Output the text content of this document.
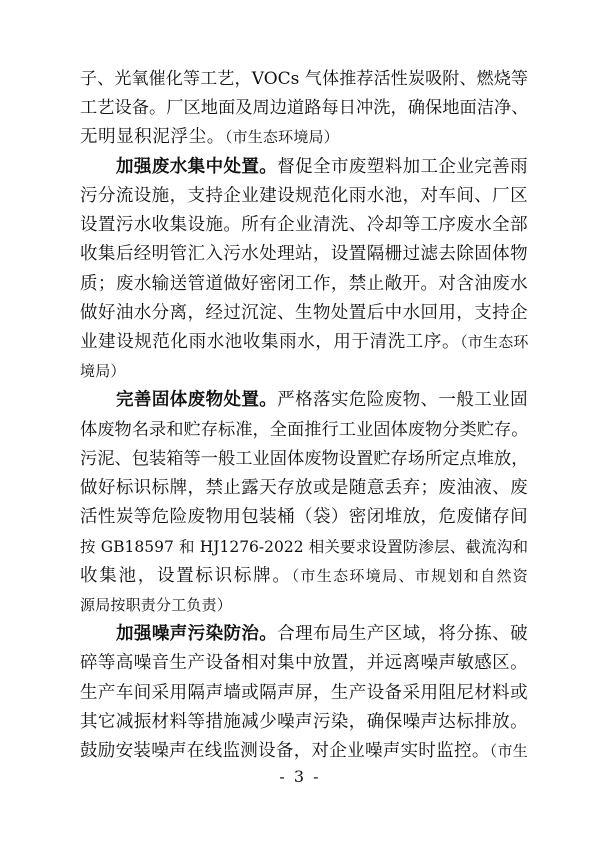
子、光氧催化等工艺，VOCs 气体推荐活性炭吸附、燃烧等
工艺设备。厂区地面及周边道路每日冲洗，确保地面洁净、
无明显积泥浮尘。（市生态环境局）
加强废水集中处置。督促全市废塑料加工企业完善雨
污分流设施，支持企业建设规范化雨水池，对车间、厂区
设置污水收集设施。所有企业清洗、冷却等工序废水全部
收集后经明管汇入污水处理站，设置隔栅过滤去除固体物
质；废水输送管道做好密闭工作，禁止敞开。对含油废水
做好油水分离，经过沉淀、生物处置后中水回用，支持企
业建设规范化雨水池收集雨水，用于清洗工序。（市生态环
境局）
完善固体废物处置。严格落实危险废物、一般工业固
体废物名录和贮存标准，全面推行工业固体废物分类贮存。
污泥、包装箱等一般工业固体废物设置贮存场所定点堆放，
做好标识标牌，禁止露天存放或是随意丢弃；废油液、废
活性炭等危险废物用包装桶（袋）密闭堆放，危废储存间
按 GB18597 和 HJ1276-2022 相关要求设置防渗层、截流沟和
收集池，设置标识标牌。（市生态环境局、市规划和自然资
源局按职责分工负责）
加强噪声污染防治。合理布局生产区域，将分拣、破
碎等高噪音生产设备相对集中放置，并远离噪声敏感区。
生产车间采用隔声墙或隔声屏，生产设备采用阻尼材料或
其它减振材料等措施减少噪声污染，确保噪声达标排放。
鼓励安装噪声在线监测设备，对企业噪声实时监控。（市生
- 3 -
